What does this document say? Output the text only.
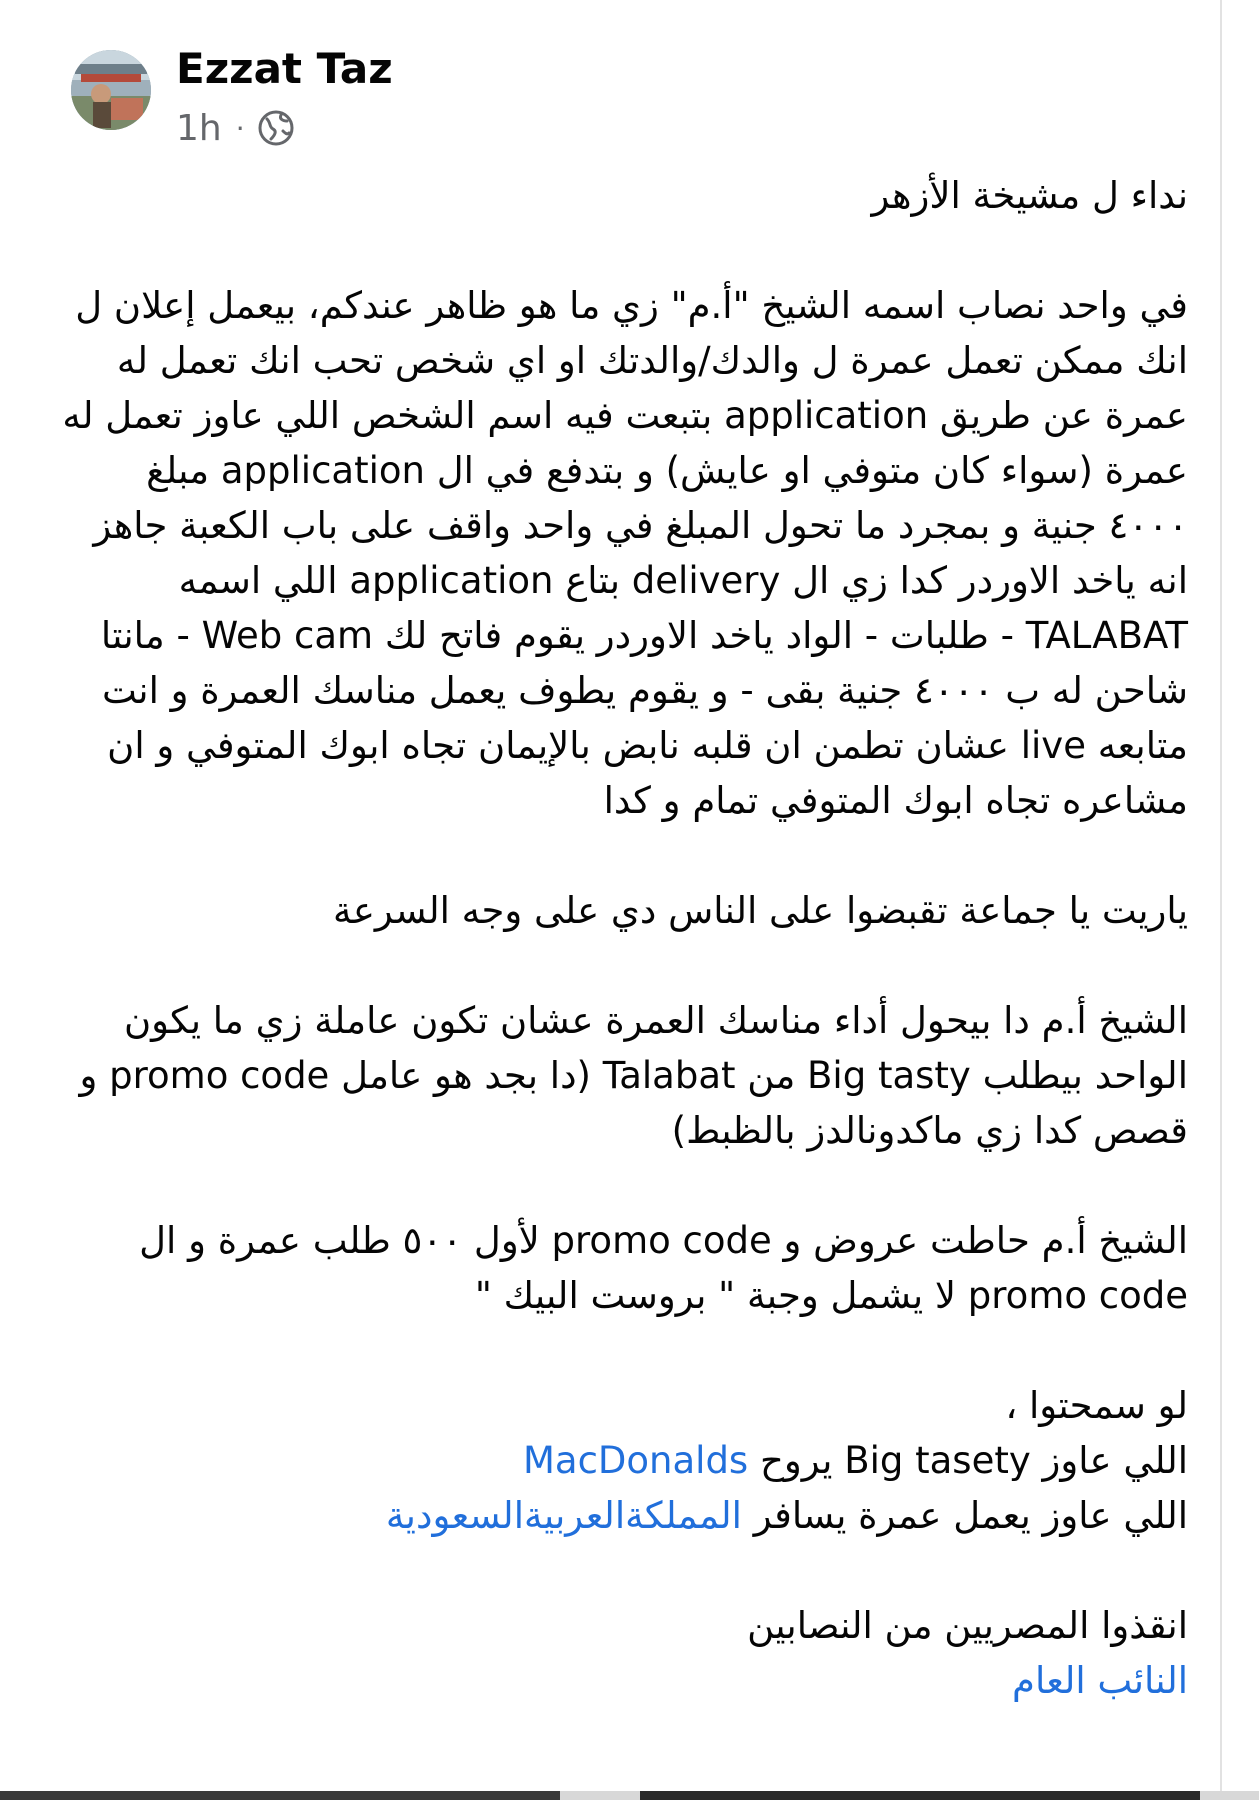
Ezzat Taz
1h ·

نداء ل مشيخة الأزهر

في واحد نصاب اسمه الشيخ "أ.م" زي ما هو ظاهر عندكم، بيعمل إعلان ل انك ممكن تعمل عمرة ل والدك/والدتك او اي شخص تحب انك تعمل له عمرة عن طريق application بتبعت فيه اسم الشخص اللي عاوز تعمل له عمرة (سواء كان متوفي او عايش) و بتدفع في ال application مبلغ ٤٠٠٠ جنية و بمجرد ما تحول المبلغ في واحد واقف على باب الكعبة جاهز انه ياخد الاوردر كدا زي ال delivery بتاع application اللي اسمه TALABAT - طلبات - الواد ياخد الاوردر يقوم فاتح لك Web cam - مانتا شاحن له ب ٤٠٠٠ جنية بقى - و يقوم يطوف يعمل مناسك العمرة و انت متابعه live عشان تطمن ان قلبه نابض بالإيمان تجاه ابوك المتوفي و ان مشاعره تجاه ابوك المتوفي تمام و كدا

ياريت يا جماعة تقبضوا على الناس دي على وجه السرعة

الشيخ أ.م دا بيحول أداء مناسك العمرة عشان تكون عاملة زي ما يكون الواحد بيطلب Big tasty من Talabat (دا بجد هو عامل promo code و قصص كدا زي ماكدونالدز بالظبط)

الشيخ أ.م حاطت عروض و promo code لأول ٥٠٠ طلب عمرة و ال promo code لا يشمل وجبة " بروست البيك "

لو سمحتوا ،
اللي عاوز Big tasety يروح MacDonalds
اللي عاوز يعمل عمرة يسافر المملكةالعربيةالسعودية

انقذوا المصريين من النصابين
النائب العام
